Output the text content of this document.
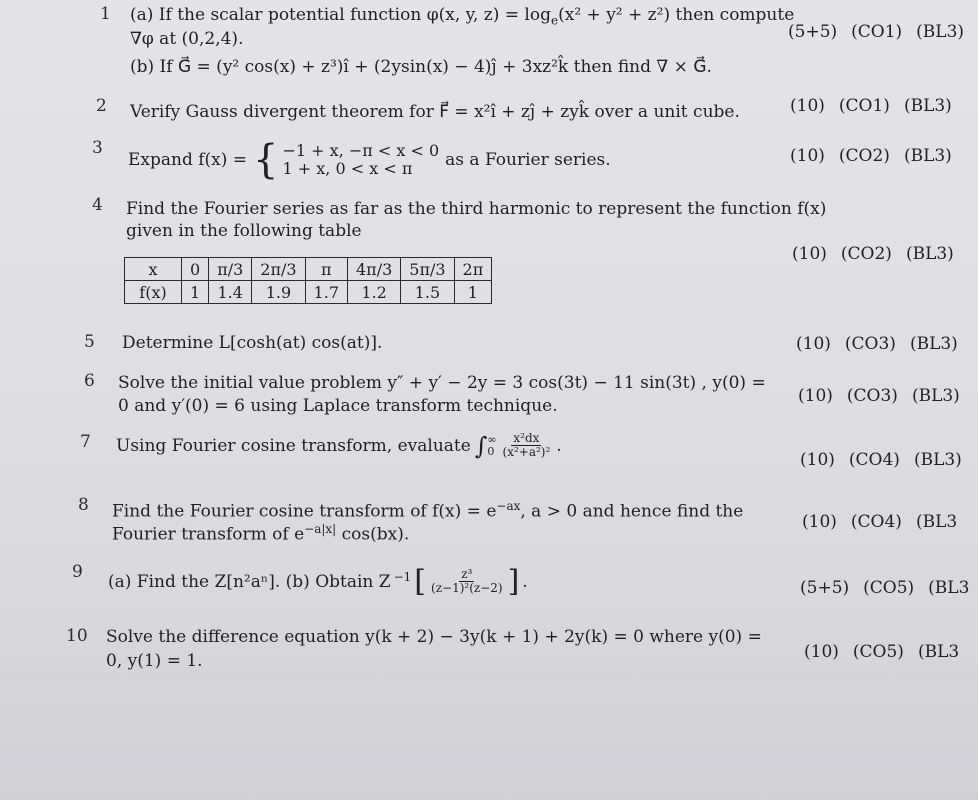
1 (a) If the scalar potential function φ(x, y, $z) = \log_e(x^2 + y^2 + z^2)$ then compute
∇φ at (0,2,4).
(b) If G⃗ = (y² cos(x) + z³)î + (2ysin(x) − 4)ĵ + 3xz²k̂ then find ∇ × G⃗.
(5+5) (CO1) (BL3)
2 Verify Gauss divergent theorem for F⃗ = x²î + zĵ + zyk̂ over a unit cube.	(10) (CO1) (BL3)
3
Expand f(x) = { −1 + x, −π < x < 0
1 + x, 0 < x < π	as a Fourier series.	(10) (CO2) (BL3)
4 Find the Fourier series as far as the third harmonic to represent the function f(x)
given in the following table
x	0	π/3	2π/3	π	4π/3	5π/3	2π
f(x)	1	1.4	1.9	1.7	1.2	1.5	1
(10) (CO2) (BL3)
5 Determine L[cosh(at) cos(at)].	(10) (CO3) (BL3)
6 Solve the initial value problem y″ + y′ − 2y = 3 cos(3t) − 11 sin(3t) , y(0) =
0 and y′(0) = 6 using Laplace transform technique.	(10) (CO3) (BL3)
7 Using Fourier cosine transform, evaluate ∫ ∞
$0 \frac{\text{x²dx}}{\text{(x²+a²)²}}$ .
(10) (CO4) (BL3)
8 Find the Fourier cosine transform of $f(x) = e^{-ax}$, a > 0 and hence find the
Fourier transform of $e^{-a|x|}$ cos(bx).
(10) (CO4) (BL3
9 (a) Find the Z[n²aⁿ]. (b) Obtain Z −1 [ $\frac{\text{z³}}{\text{(z−1)²(z−2)}}$ ] .	(5+5) (CO5) (BL3
10 Solve the difference equation y(k + 2) − 3y(k + 1) + 2y(k) = 0 where y(0) =
0, y(1) = 1.	(10) (CO5) (BL3
